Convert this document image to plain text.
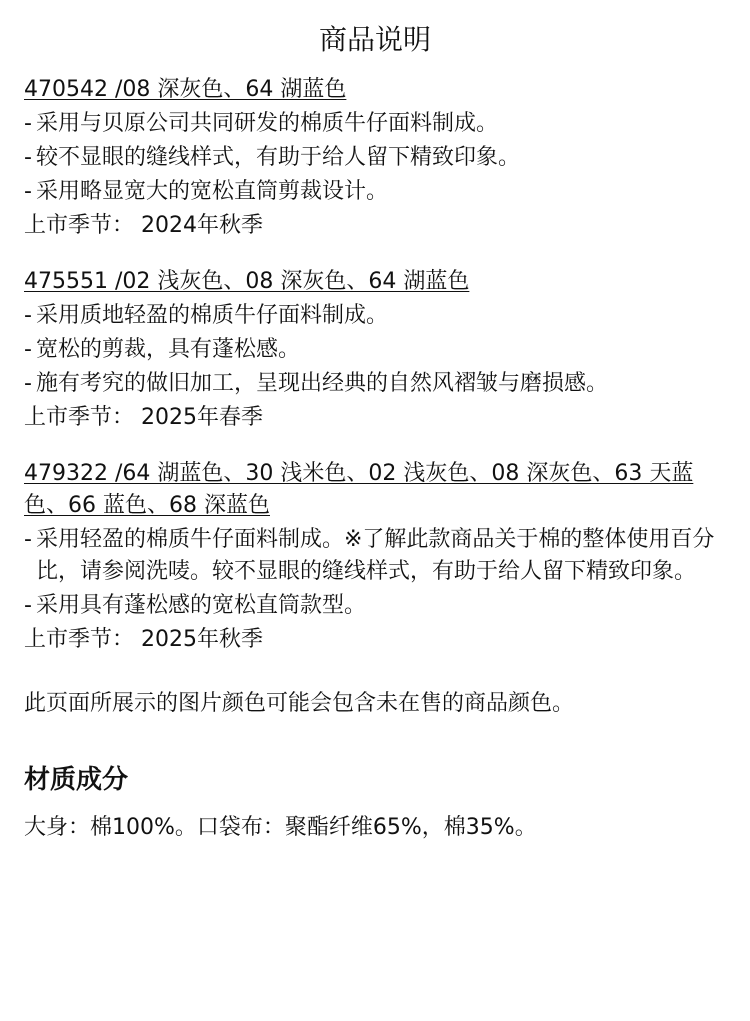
商品说明

470542 /08 深灰色、64 湖蓝色

- 采用与贝原公司共同研发的棉质牛仔面料制成。
- 较不显眼的缝线样式，有助于给人留下精致印象。
- 采用略显宽大的宽松直筒剪裁设计。

上市季节： 2024年秋季

475551 /02 浅灰色、08 深灰色、64 湖蓝色

- 采用质地轻盈的棉质牛仔面料制成。
- 宽松的剪裁，具有蓬松感。
- 施有考究的做旧加工，呈现出经典的自然风褶皱与磨损感。

上市季节： 2025年春季

479322 /64 湖蓝色、30 浅米色、02 浅灰色、08 深灰色、63 天蓝色、66 蓝色、68 深蓝色

- 采用轻盈的棉质牛仔面料制成。※了解此款商品关于棉的整体使用百分比，请参阅洗唛。较不显眼的缝线样式，有助于给人留下精致印象。
- 采用具有蓬松感的宽松直筒款型。

上市季节： 2025年秋季

此页面所展示的图片颜色可能会包含未在售的商品颜色。

材质成分

大身：棉100%。口袋布：聚酯纤维65%，棉35%。
